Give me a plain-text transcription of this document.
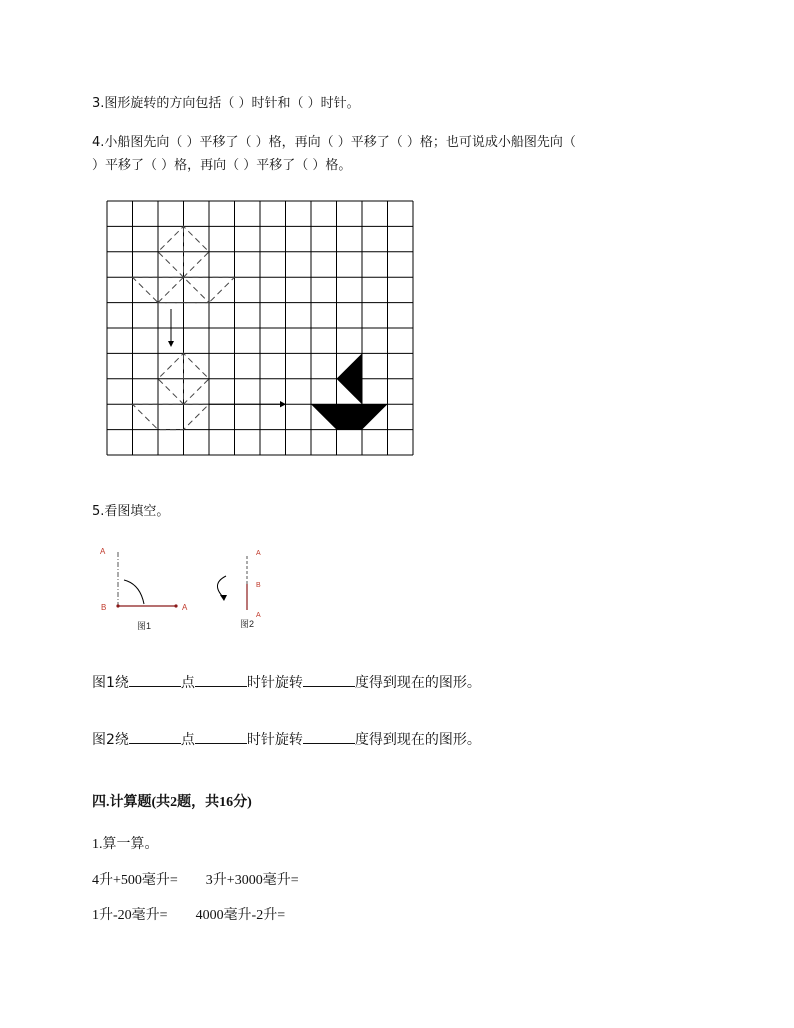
3.图形旋转的方向包括（ ）时针和（ ）时针。
4.小船图先向（ ）平移了（ ）格，再向（ ）平移了（ ）格；也可说成小船图先向（
）平移了（ ）格，再向（ ）平移了（ ）格。
5.看图填空。
A
B	A
图1
A
B
A
图2
图1绕	点	时针旋转	度得到现在的图形。
图2绕	点	时针旋转	度得到现在的图形。
四.计算题(共2题，共16分)
1.算一算。
4升+500毫升= 3升+3000毫升=
1升-20毫升= 4000毫升-2升=
